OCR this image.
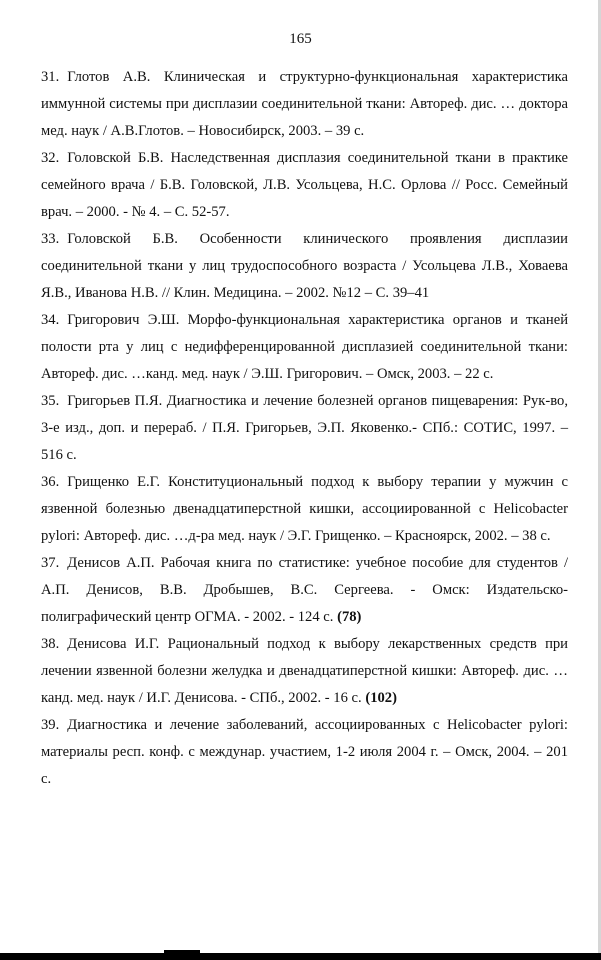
165

31. Глотов А.В. Клиническая и структурно-функциональная характеристика иммунной системы при дисплазии соединительной ткани: Автореф. дис. … доктора мед. наук / А.В.Глотов. – Новосибирск, 2003. – 39 с.

32. Головской Б.В. Наследственная дисплазия соединительной ткани в практике семейного врача / Б.В. Головской, Л.В. Усольцева, Н.С. Орлова // Росс. Семейный врач. – 2000. - № 4. – С. 52-57.

33. Головской Б.В. Особенности клинического проявления дисплазии соединительной ткани у лиц трудоспособного возраста / Усольцева Л.В., Ховаева Я.В., Иванова Н.В. // Клин. Медицина. – 2002. №12 – С. 39–41

34. Григорович Э.Ш. Морфо-функциональная характеристика органов и тканей полости рта у лиц с недифференцированной дисплазией соединительной ткани: Автореф. дис. …канд. мед. наук / Э.Ш. Григорович. – Омск, 2003. – 22 с.

35. Григорьев П.Я. Диагностика и лечение болезней органов пищеварения: Рук-во, 3-е изд., доп. и перераб. / П.Я. Григорьев, Э.П. Яковенко.- СПб.: СОТИС, 1997. – 516 с.

36. Грищенко Е.Г. Конституциональный подход к выбору терапии у мужчин с язвенной болезнью двенадцатиперстной кишки, ассоциированной с Helicobacter pylori: Автореф. дис. …д-ра мед. наук / Э.Г. Грищенко. – Красноярск, 2002. – 38 с.

37. Денисов А.П. Рабочая книга по статистике: учебное пособие для студентов / А.П. Денисов, В.В. Дробышев, В.С. Сергеева. - Омск: Издательско-полиграфический центр ОГМА. - 2002. - 124 с. (78)

38. Денисова И.Г. Рациональный подход к выбору лекарственных средств при лечении язвенной болезни желудка и двенадцатиперстной кишки: Автореф. дис. … канд. мед. наук / И.Г. Денисова. - СПб., 2002. - 16 с. (102)

39. Диагностика и лечение заболеваний, ассоциированных с Helicobacter pylori: материалы респ. конф. с междунар. участием, 1-2 июля 2004 г. – Омск, 2004. – 201 с.
